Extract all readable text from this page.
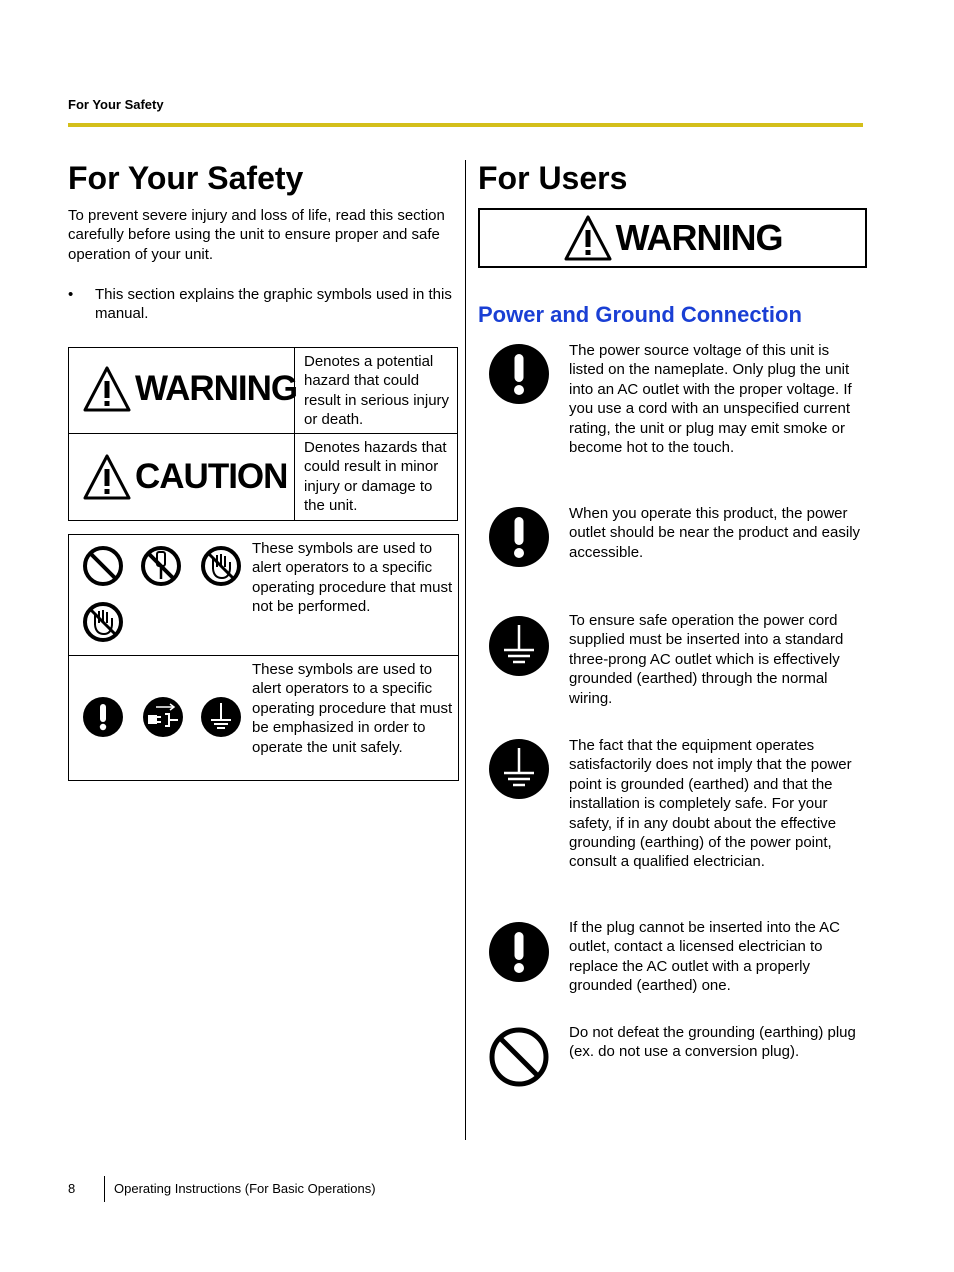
For Your Safety
For Your Safety
To prevent severe injury and loss of life, read this section carefully before using the unit to ensure proper and safe operation of your unit.
• This section explains the graphic symbols used in this manual.
WARNING
Denotes a potential hazard that could result in serious injury or death.
CAUTION
Denotes hazards that could result in minor injury or damage to the unit.
These symbols are used to alert operators to a specific operating procedure that must not be performed.
These symbols are used to alert operators to a specific operating procedure that must be emphasized in order to operate the unit safely.
For Users
WARNING
Power and Ground Connection
The power source voltage of this unit is listed on the nameplate. Only plug the unit into an AC outlet with the proper voltage. If you use a cord with an unspecified current rating, the unit or plug may emit smoke or become hot to the touch.
When you operate this product, the power outlet should be near the product and easily accessible.
To ensure safe operation the power cord supplied must be inserted into a standard three-prong AC outlet which is effectively grounded (earthed) through the normal wiring.
The fact that the equipment operates satisfactorily does not imply that the power point is grounded (earthed) and that the installation is completely safe. For your safety, if in any doubt about the effective grounding (earthing) of the power point, consult a qualified electrician.
If the plug cannot be inserted into the AC outlet, contact a licensed electrician to replace the AC outlet with a properly grounded (earthed) one.
Do not defeat the grounding (earthing) plug (ex. do not use a conversion plug).
8	Operating Instructions (For Basic Operations)
